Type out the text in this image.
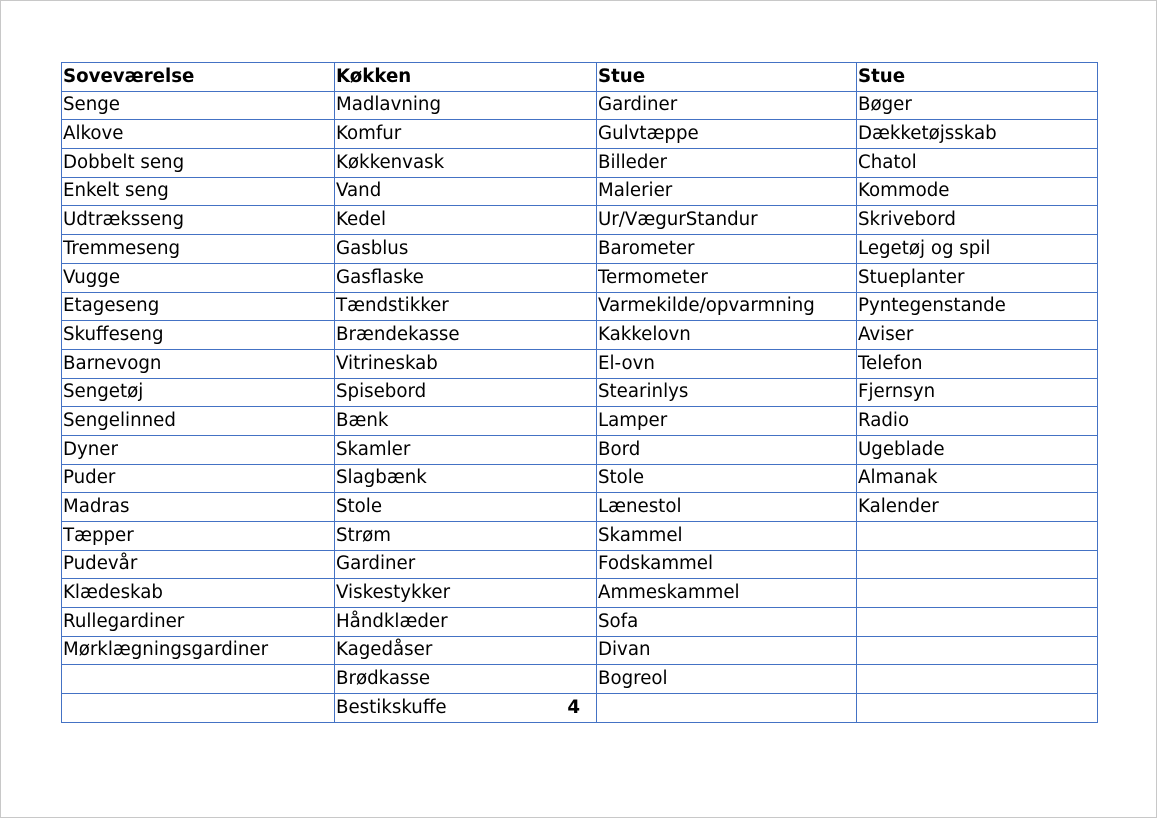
Soveværelse	Køkken	Stue	Stue
Senge	Madlavning	Gardiner	Bøger
Alkove	Komfur	Gulvtæppe	Dækketøjsskab
Dobbelt seng	Køkkenvask	Billeder	Chatol
Enkelt seng	Vand	Malerier	Kommode
Udtræksseng	Kedel	Ur/VægurStandur	Skrivebord
Tremmeseng	Gasblus	Barometer	Legetøj og spil
Vugge	Gasflaske	Termometer	Stueplanter
Etageseng	Tændstikker	Varmekilde/opvarmning	Pyntegenstande
Skuffeseng	Brændekasse	Kakkelovn	Aviser
Barnevogn	Vitrineskab	El-ovn	Telefon
Sengetøj	Spisebord	Stearinlys	Fjernsyn
Sengelinned	Bænk	Lamper	Radio
Dyner	Skamler	Bord	Ugeblade
Puder	Slagbænk	Stole	Almanak
Madras	Stole	Lænestol	Kalender
Tæpper	Strøm	Skammel	
Pudevår	Gardiner	Fodskammel	
Klædeskab	Viskestykker	Ammeskammel	
Rullegardiner	Håndklæder	Sofa	
Mørklægningsgardiner	Kagedåser	Divan	
	Brødkasse	Bogreol	

	Bestikskuffe 4		
